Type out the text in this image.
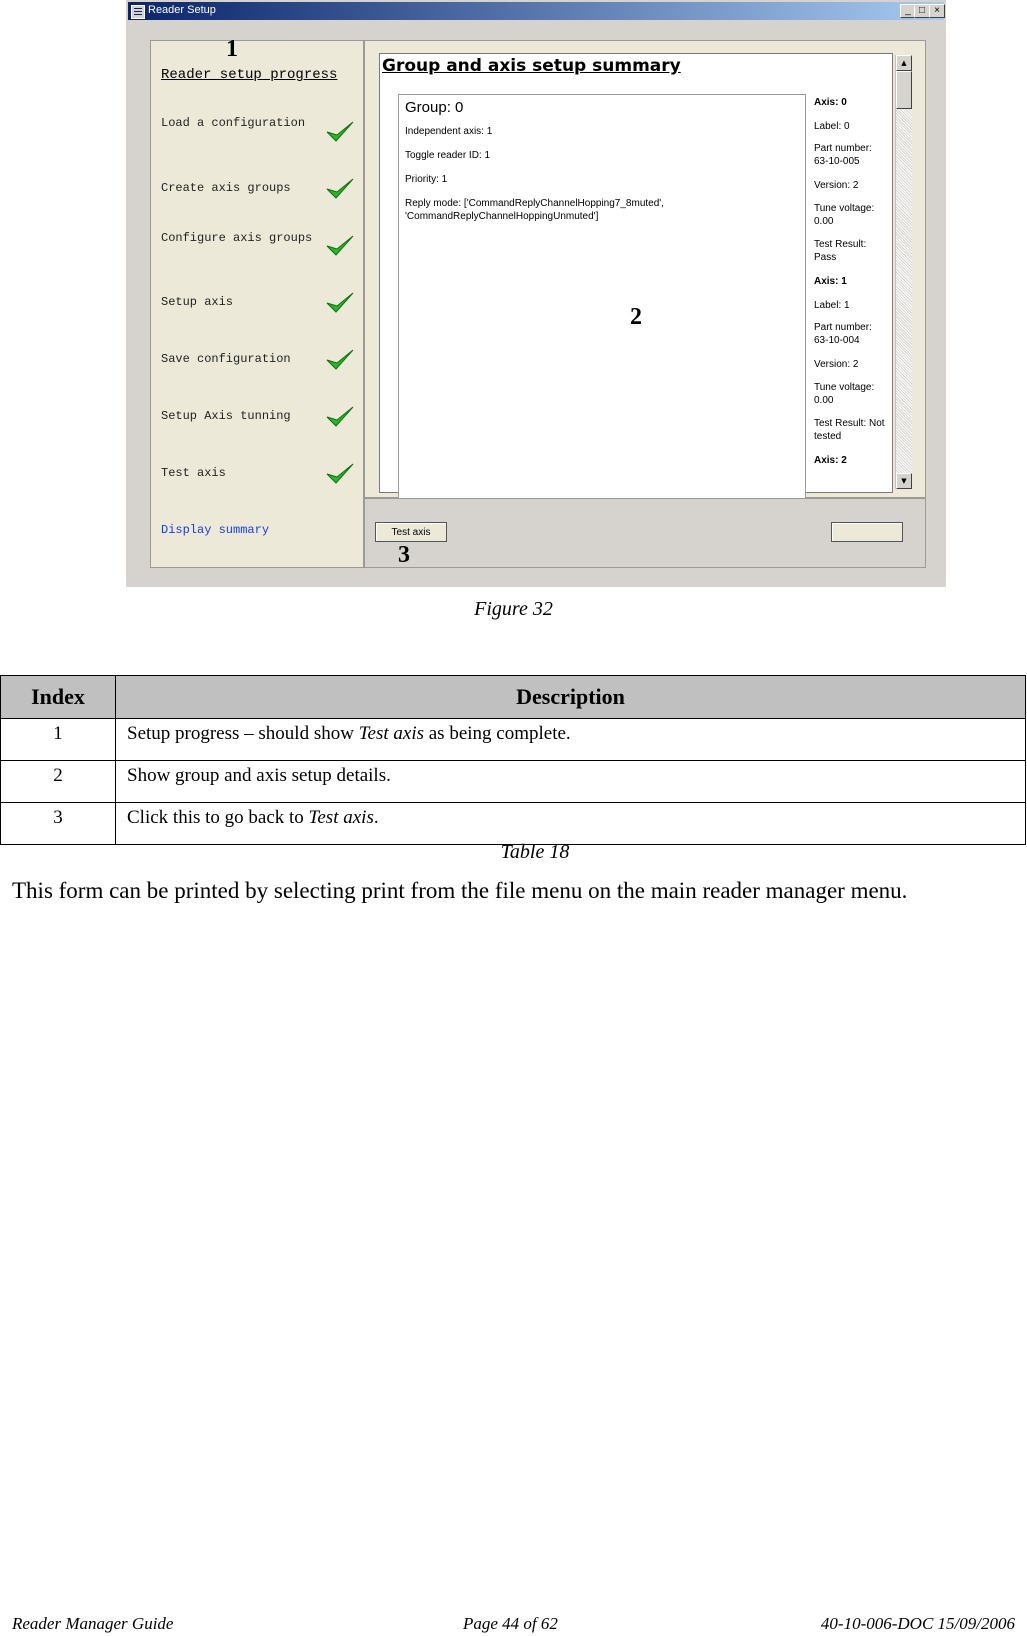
Reader Setup	_ □ ×
Reader setup progress
Load a configuration
Create axis groups
Configure axis groups
Setup axis
Save configuration
Setup Axis tunning
Test axis
Display summary
Group and axis setup summary
Group: 0
Independent axis: 1
Toggle reader ID: 1
Priority: 1
Reply mode: ['CommandReplyChannelHopping7_8muted',
'CommandReplyChannelHoppingUnmuted']
Axis: 0
Label: 0
Part number:
63-10-005
Version: 2
Tune voltage:
0.00
Test Result:
Pass
Axis: 1
Label: 1
Part number:
63-10-004
Version: 2
Tune voltage:
0.00
Test Result: Not
tested
Axis: 2
▲
▼
Test axis
1
2
3
Figure 32
Index	Description
1	Setup progress – should show Test axis as being complete.
2	Show group and axis setup details.
3	Click this to go back to Test axis.
Table 18
This form can be printed by selecting print from the file menu on the main reader manager menu.
Reader Manager Guide	Page 44 of 62	40-10-006-DOC 15/09/2006
